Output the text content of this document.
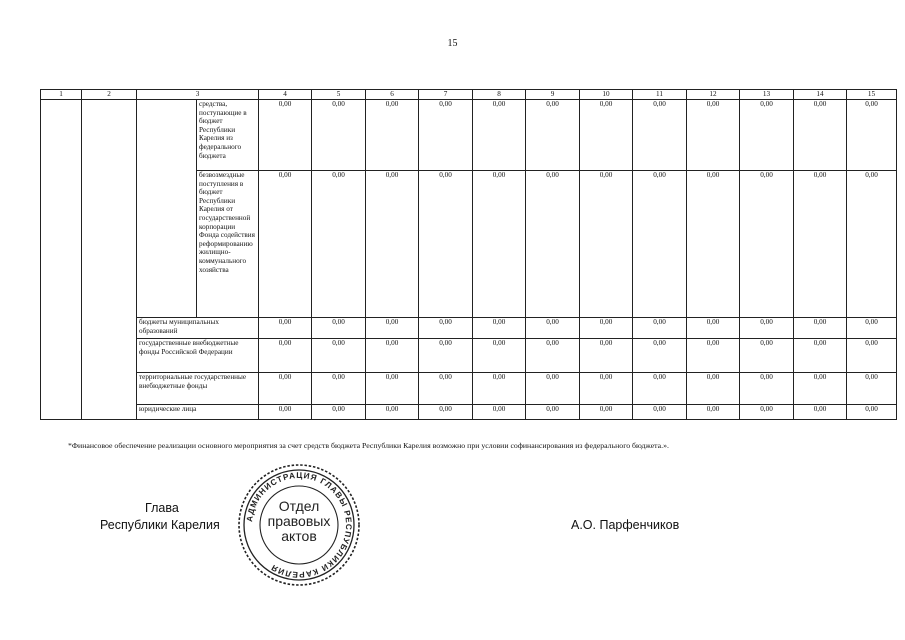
15
1	2	3		4	5	6	7	8	9	10	11	12	13	14	15
			средства, поступающие в бюджет Республики Карелия из федерального бюджета	0,00	0,00	0,00	0,00	0,00	0,00	0,00	0,00	0,00	0,00	0,00	0,00
			безвозмездные поступления в бюджет Республики Карелия от государственной корпорации Фонда содействия реформированию жилищно-коммунального хозяйства	0,00	0,00	0,00	0,00	0,00	0,00	0,00	0,00	0,00	0,00	0,00	0,00
		бюджеты муниципальных образований		0,00	0,00	0,00	0,00	0,00	0,00	0,00	0,00	0,00	0,00	0,00	0,00
		государственные внебюджетные фонды Российской Федерации		0,00	0,00	0,00	0,00	0,00	0,00	0,00	0,00	0,00	0,00	0,00	0,00
		территориальные государственные внебюджетные фонды		0,00	0,00	0,00	0,00	0,00	0,00	0,00	0,00	0,00	0,00	0,00	0,00
		юридические лица		0,00	0,00	0,00	0,00	0,00	0,00	0,00	0,00	0,00	0,00	0,00	0,00
*Финансовое обеспечение реализации основного мероприятия за счет средств бюджета Республики Карелия возможно при условии софинансирования из федерального бюджета.».
Глава
Республики Карелия	А.О. Парфенчиков
АДМИНИСТРАЦИЯ ГЛАВЫ РЕСПУБЛИКИ КАРЕЛИЯ
Отдел
правовых
актов
